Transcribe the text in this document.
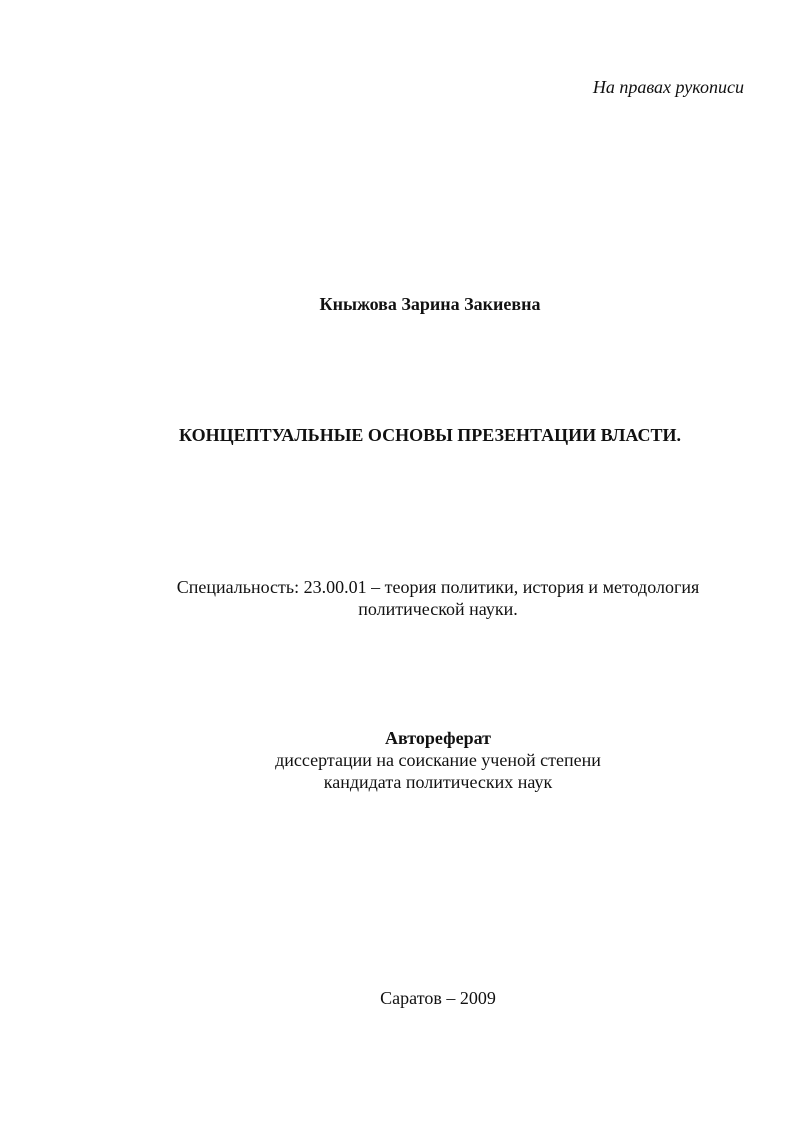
На правах рукописи
Кныжова Зарина Закиевна
КОНЦЕПТУАЛЬНЫЕ ОСНОВЫ ПРЕЗЕНТАЦИИ ВЛАСТИ.
Специальность: 23.00.01 – теория политики, история и методология
политической науки.
Автореферат
диссертации на соискание ученой степени
кандидата политических наук
Саратов – 2009
